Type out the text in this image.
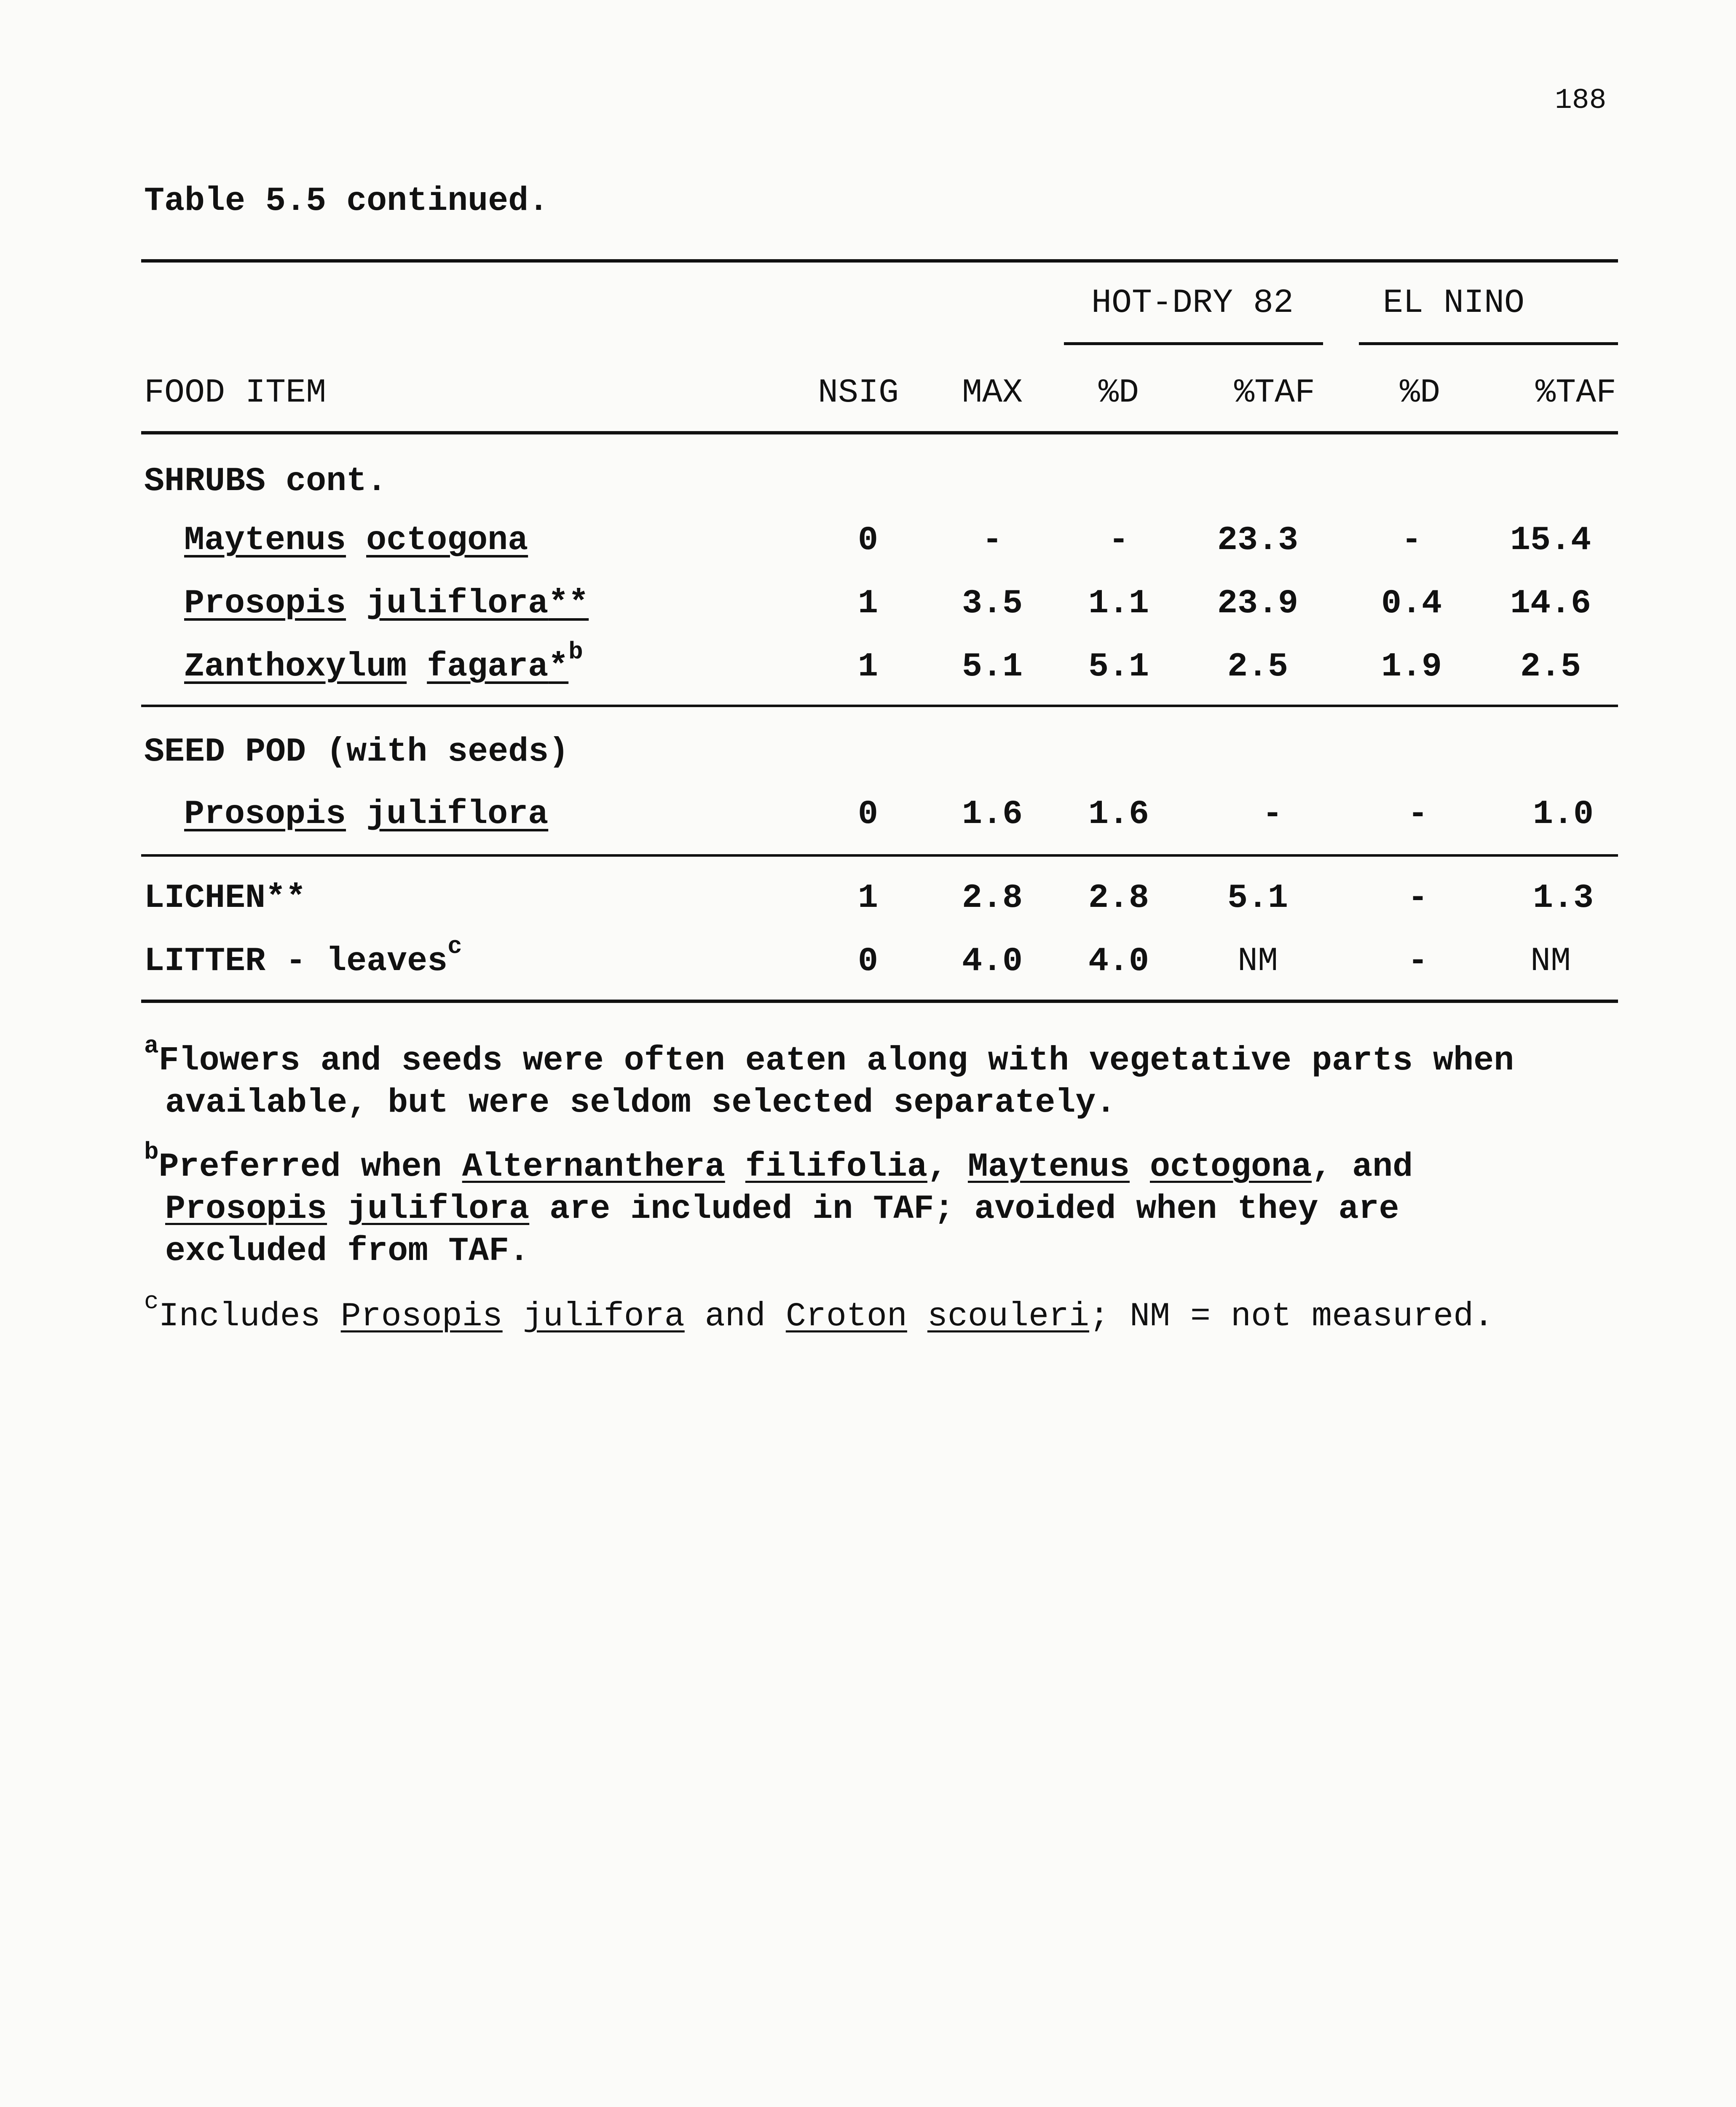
188
Table 5.5 continued.
HOT-DRY 82	EL NINO
FOOD ITEM	NSIG MAX %D	%TAF	%D	%TAF
SHRUBS cont.
Maytenus octogona	0	-	-	23.3	-	15.4
Prosopis juliflora**	1 3.5 1.1 23.9 0.4 14.6
Zanthoxylum fagara*$^b$	1 5.1 5.1 2.5	1.9 2.5
SEED POD (with seeds)
Prosopis juliflora	0 1.6 1.6	-	-	1.0
LICHEN**	1 2.8 2.8 5.1	-	1.3
LITTER - leaves$^c$	0 4.0 4.0	NM	-	NM
$^a$Flowers and seeds were often eaten along with vegetative parts when
available, but were seldom selected separately.
$^b$Preferred when Alternanthera filifolia, Maytenus octogona, and
Prosopis juliflora are included in TAF; avoided when they are
excluded from TAF.
$^c$Includes Prosopis julifora and Croton scouleri; NM = not measured.
